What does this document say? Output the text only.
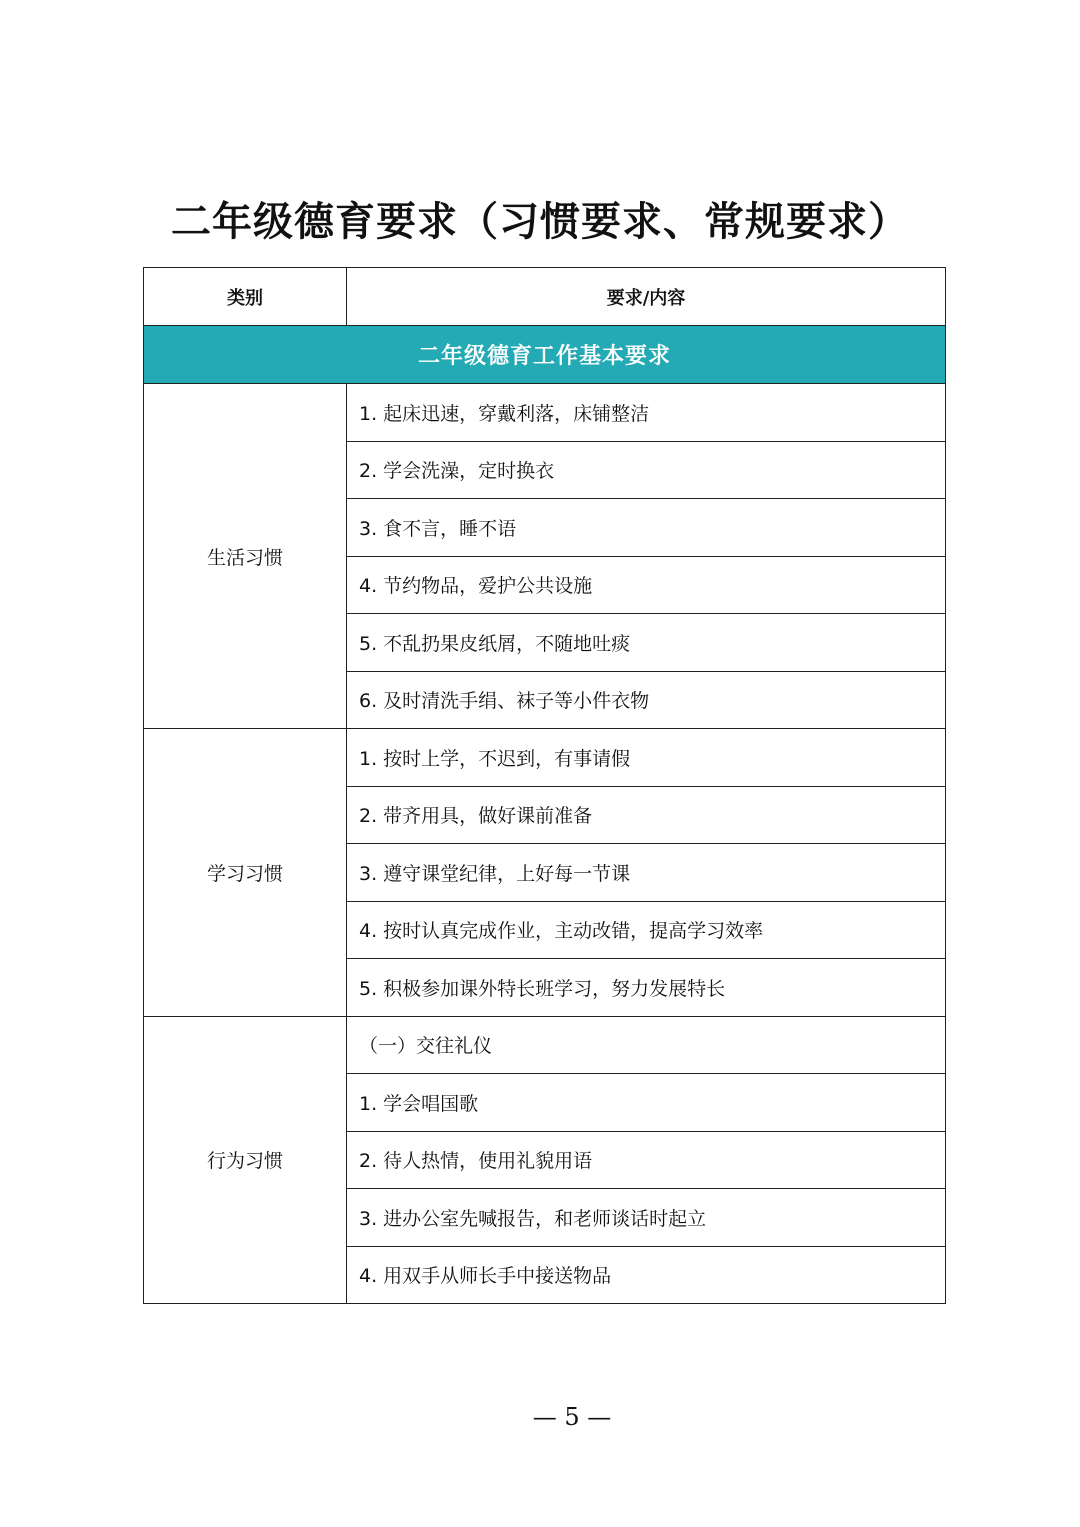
二年级德育要求（习惯要求、常规要求）
类别	要求/内容
二年级德育工作基本要求	
生活习惯	1. 起床迅速，穿戴利落，床铺整洁
	2. 学会洗澡，定时换衣
	3. 食不言，睡不语
	4. 节约物品，爱护公共设施
	5. 不乱扔果皮纸屑，不随地吐痰
	6. 及时清洗手绢、袜子等小件衣物
学习习惯	1. 按时上学，不迟到，有事请假
	2. 带齐用具，做好课前准备
	3. 遵守课堂纪律，上好每一节课
	4. 按时认真完成作业，主动改错，提高学习效率
	5. 积极参加课外特长班学习，努力发展特长
行为习惯	（一）交往礼仪
	1. 学会唱国歌
	2. 待人热情，使用礼貌用语
	3. 进办公室先喊报告，和老师谈话时起立
	4. 用双手从师长手中接送物品
— 5 —
